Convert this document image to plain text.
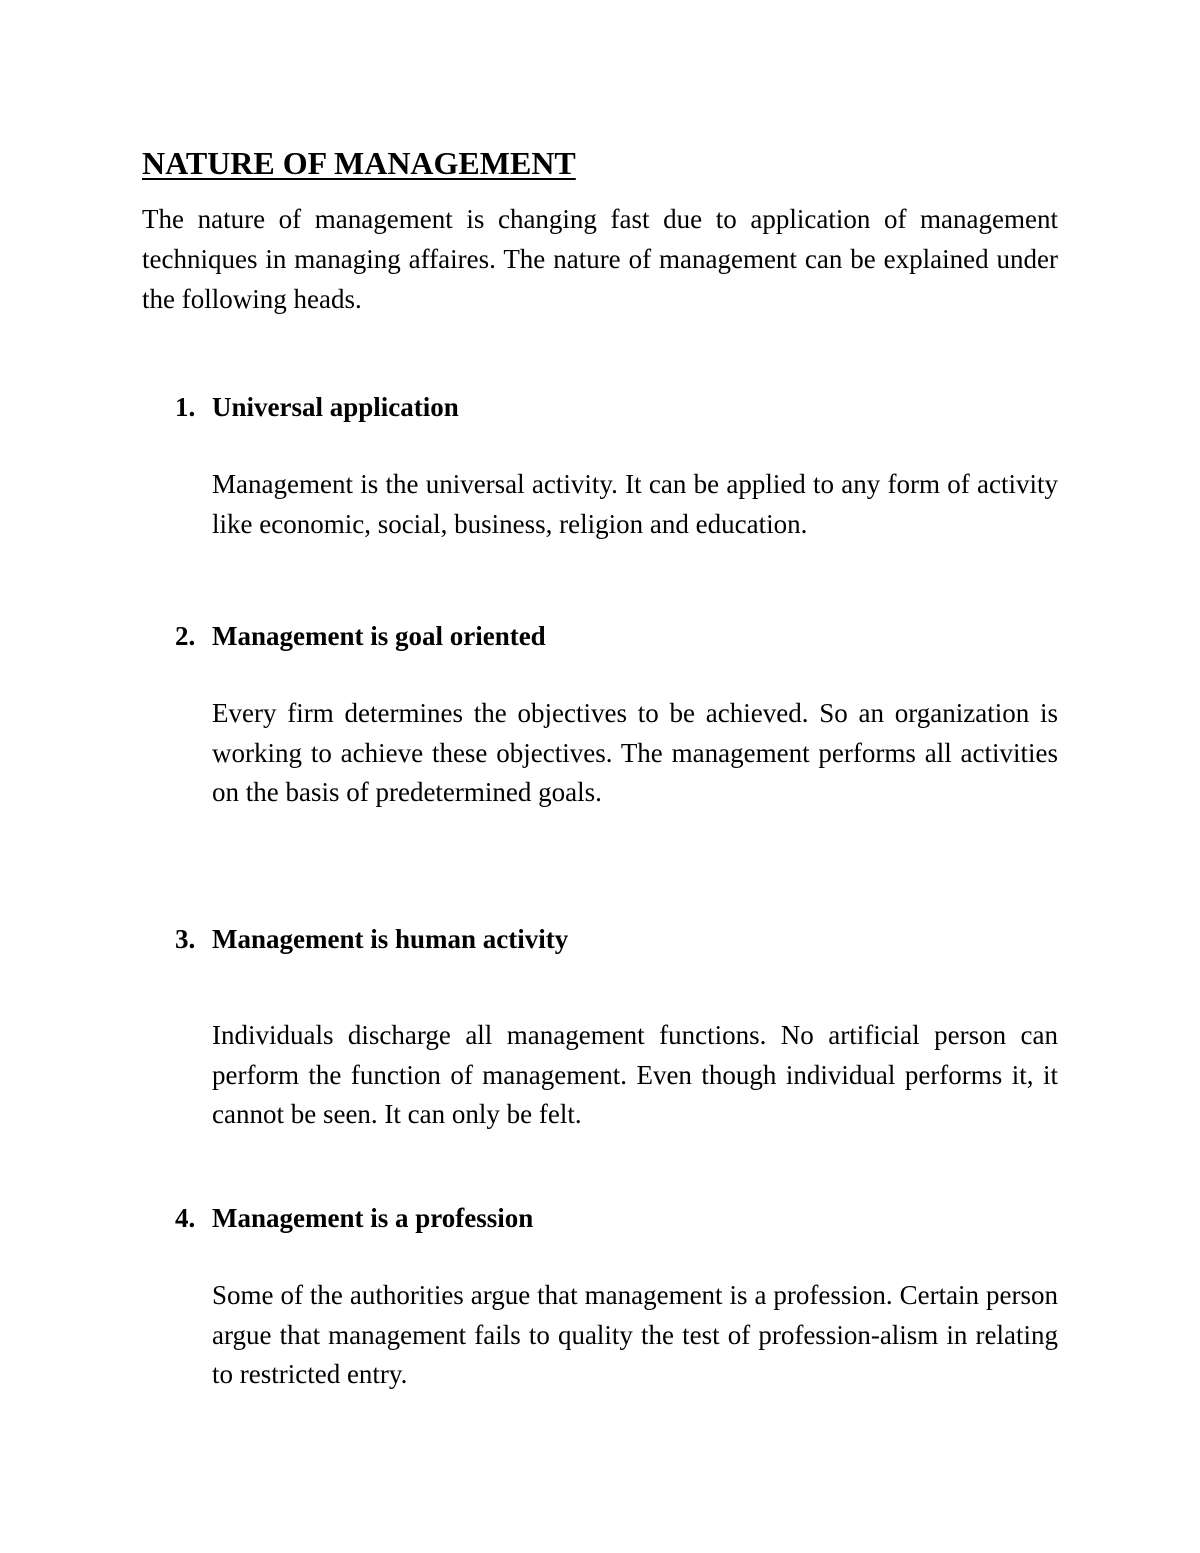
NATURE OF MANAGEMENT

The nature of management is changing fast due to application of management techniques in managing affaires. The nature of management can be explained under the following heads.

1. Universal application

Management is the universal activity. It can be applied to any form of activity like economic, social, business, religion and education.

2. Management is goal oriented

Every firm determines the objectives to be achieved. So an organization is working to achieve these objectives. The management performs all activities on the basis of predetermined goals.

3. Management is human activity

Individuals discharge all management functions. No artificial person can perform the function of management. Even though individual performs it, it cannot be seen. It can only be felt.

4. Management is a profession

Some of the authorities argue that management is a profession. Certain person argue that management fails to quality the test of profession-alism in relating to restricted entry.
